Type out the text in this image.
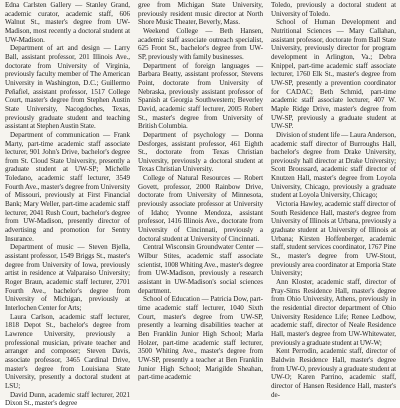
Edna Carlsten Gallery — Stanley Grand, academic curator, academic staff, 606 Walnut St., master's degree from UW-Madison, most recently a doctoral student at UW-Madison.

Department of art and design — Larry Ball, assistant professor, 201 Illinois Ave., doctorate from University of Virginia, previously faculty member of The American University in Washington, D.C.; Guillermo Peñafiel, assistant professor, 1517 College Court, master's degree from Stephen Austin State University, Nacogdoches, Texas, previously graduate student and teaching assistant at Stephen Austin State.

Department of communication — Frank Marty, part-time academic staff associate lecturer, 901 John's Drive, bachelor's degree from St. Cloud State University, presently a graduate student at UW-SP; Michelle Toledano, academic staff lecturer, 3549 Fourth Ave., master's degree from University of Missouri, previously at First Financial Bank; Mary Weller, part-time academic staff lecturer, 2041 Rush Court, bachelor's degree from UW-Madison, presently director of advertising and promotion for Sentry Insurance.

Department of music — Steven Bjella, assistant professor, 1549 Briggs St., master's degree from University of Iowa, previously artist in residence at Valparaiso University; Roger Braun, academic staff lecturer, 2701 Fourth Ave., bachelor's degree from University of Michigan, previously at Interlochen Center for Arts;

Laura Carlson, academic staff lecturer, 1818 Depot St., bachelor's degree from Lawrence University, previously a professional musician, private teacher and arranger and composer; Steven Davis, associate professor, 3465 Cardinal Drive, master's degree from Louisiana State University, presently a doctoral student at LSU;

David Dunn, academic staff lecturer, 2021 Dixon St., master's degree

gree from Michigan State University, previously resident music director at North Shore Music Theater, Beverly, Mass.

Weekend College — Beth Hansen, academic staff associate outreach specialist, 625 Front St., bachelor's degree from UW-SP, previously with family businesses.

Department of foreign languages — Barbara Beatty, assistant professor, Stevens Point, doctorate from University of Nebraska, previously assistant professor of Spanish at Georgia Southwestern; Beverley David, academic staff lecturer, 2005 Robert St., master's degree from University of British Columbia.

Department of psychology — Donna Desforges, assistant professor, 461 Eighth St., doctorate from Texas Christian University, previously a doctoral student at Texas Christian University.

College of Natural Resources — Robert Govett, professor, 2000 Rainbow Drive, doctorate from University of Minnesota, previously associate professor at University of Idaho; Yvonne Mendoza, assistant professor, 1416 Illinois Ave., doctorate from University of Cincinnati, previously a doctoral student at University of Cincinnati.

Central Wisconsin Groundwater Center — Wilbur Stites, academic staff associate scientist, 1008 Whiting Ave., master's degree from UW-Madison, previously a research assistant in UW-Madison's social sciences department.

School of Education — Patricia Dow, part-time academic staff lecturer, 1040 Sixth Court, master's degree from UW-SP, presently a learning disabilities teacher at Ben Franklin Junior High School; Marla Holzer, part-time academic staff lecturer, 3500 Whiting Ave., master's degree from UW-SP, presently a teacher at Ben Franklin Junior High School; Marigilde Sheahan, part-time academic

Toledo, previously a doctoral student at University of Toledo.

School of Human Development and Nutritional Sciences — Mary Callahan, assistant professor, doctorate from Ball State University, previously director for program development in Arlington, Va.; Debra Knippel, part-time academic staff associate lecturer, 1760 Elk St., master's degree from UW-SP, presently a prevention coordinator for CADAC; Beth Schmid, part-time academic staff associate lecturer, 407 W. Maple Ridge Drive, master's degree from UW-SP, previously a graduate student at UW-SP.

Division of student life — Laura Anderson, academic staff director of Burroughs Hall, bachelor's degree from Drake University, previously hall director at Drake University; Scott Broussard, academic staff director of Knutzen Hall, master's degree from Loyola University, Chicago, previously a graduate student at Loyola University, Chicago;

Victoria Hawley, academic staff director of South Residence Hall, master's degree from University of Illinois at Urbana, previously a graduate student at University of Illinois at Urbana; Kirsten Hoffenberger, academic staff, student services coordinator, 1767 Pine St., master's degree from UW-Stout, previously area coordinator at Emporia State University;

Ann Kloster, academic staff, director of Pray-Sims Residence Hall, master's degree from Ohio University, Athens, previously in the residential director department of Ohio University Residence Life; Renee Ledbow, academic staff, director of Neale Residence Hall, master's degree from UW-Whitewater, previously a graduate student at UW-W;

Kent Perrodin, academic staff, director of Baldwin Residence Hall, master's degree from UW-O, previously a graduate student at UW-O; Karen Parrino, academic staff, director of Hansen Residence Hall, master's de-
